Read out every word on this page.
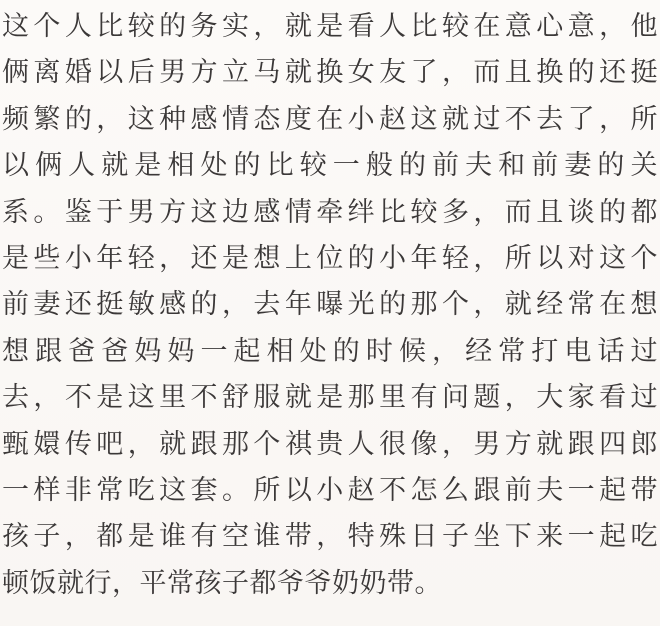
这个人比较的务实，就是看人比较在意心意，他
俩离婚以后男方立马就换女友了，而且换的还挺
频繁的，这种感情态度在小赵这就过不去了，所
以俩人就是相处的比较一般的前夫和前妻的关
系。鉴于男方这边感情牵绊比较多，而且谈的都
是些小年轻，还是想上位的小年轻，所以对这个
前妻还挺敏感的，去年曝光的那个，就经常在想
想跟爸爸妈妈一起相处的时候，经常打电话过
去，不是这里不舒服就是那里有问题，大家看过
甄嬛传吧，就跟那个祺贵人很像，男方就跟四郎
一样非常吃这套。所以小赵不怎么跟前夫一起带
孩子，都是谁有空谁带，特殊日子坐下来一起吃
顿饭就行，平常孩子都爷爷奶奶带。
